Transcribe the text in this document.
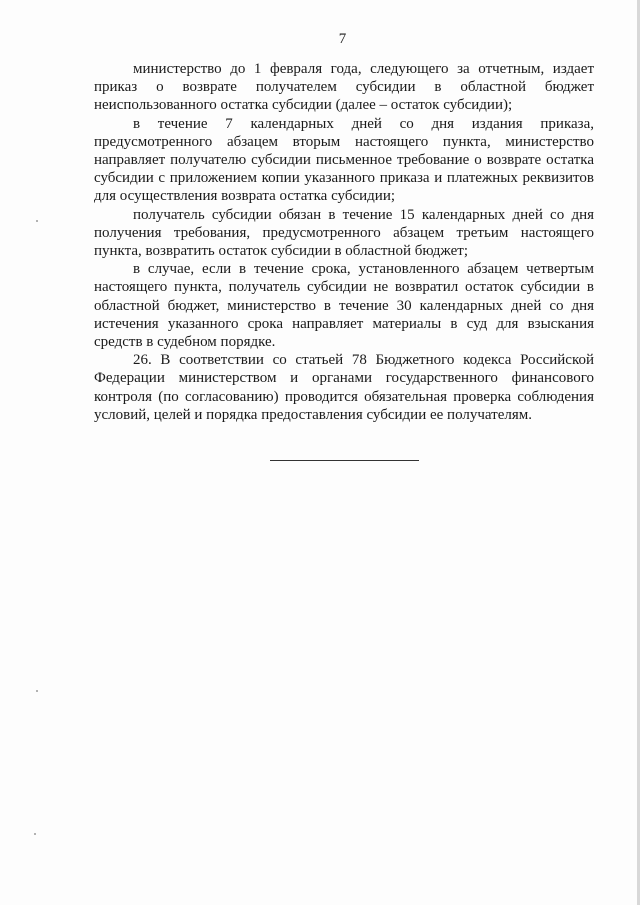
7

министерство до 1 февраля года, следующего за отчетным, издает приказ о возврате получателем субсидии в областной бюджет неиспользованного остатка субсидии (далее – остаток субсидии);

в течение 7 календарных дней со дня издания приказа, предусмотренного абзацем вторым настоящего пункта, министерство направляет получателю субсидии письменное требование о возврате остатка субсидии с приложением копии указанного приказа и платежных реквизитов для осуществления возврата остатка субсидии;

получатель субсидии обязан в течение 15 календарных дней со дня получения требования, предусмотренного абзацем третьим настоящего пункта, возвратить остаток субсидии в областной бюджет;

в случае, если в течение срока, установленного абзацем четвертым настоящего пункта, получатель субсидии не возвратил остаток субсидии в областной бюджет, министерство в течение 30 календарных дней со дня истечения указанного срока направляет материалы в суд для взыскания средств в судебном порядке.

26. В соответствии со статьей 78 Бюджетного кодекса Российской Федерации министерством и органами государственного финансового контроля (по согласованию) проводится обязательная проверка соблюдения условий, целей и порядка предоставления субсидии ее получателям.
